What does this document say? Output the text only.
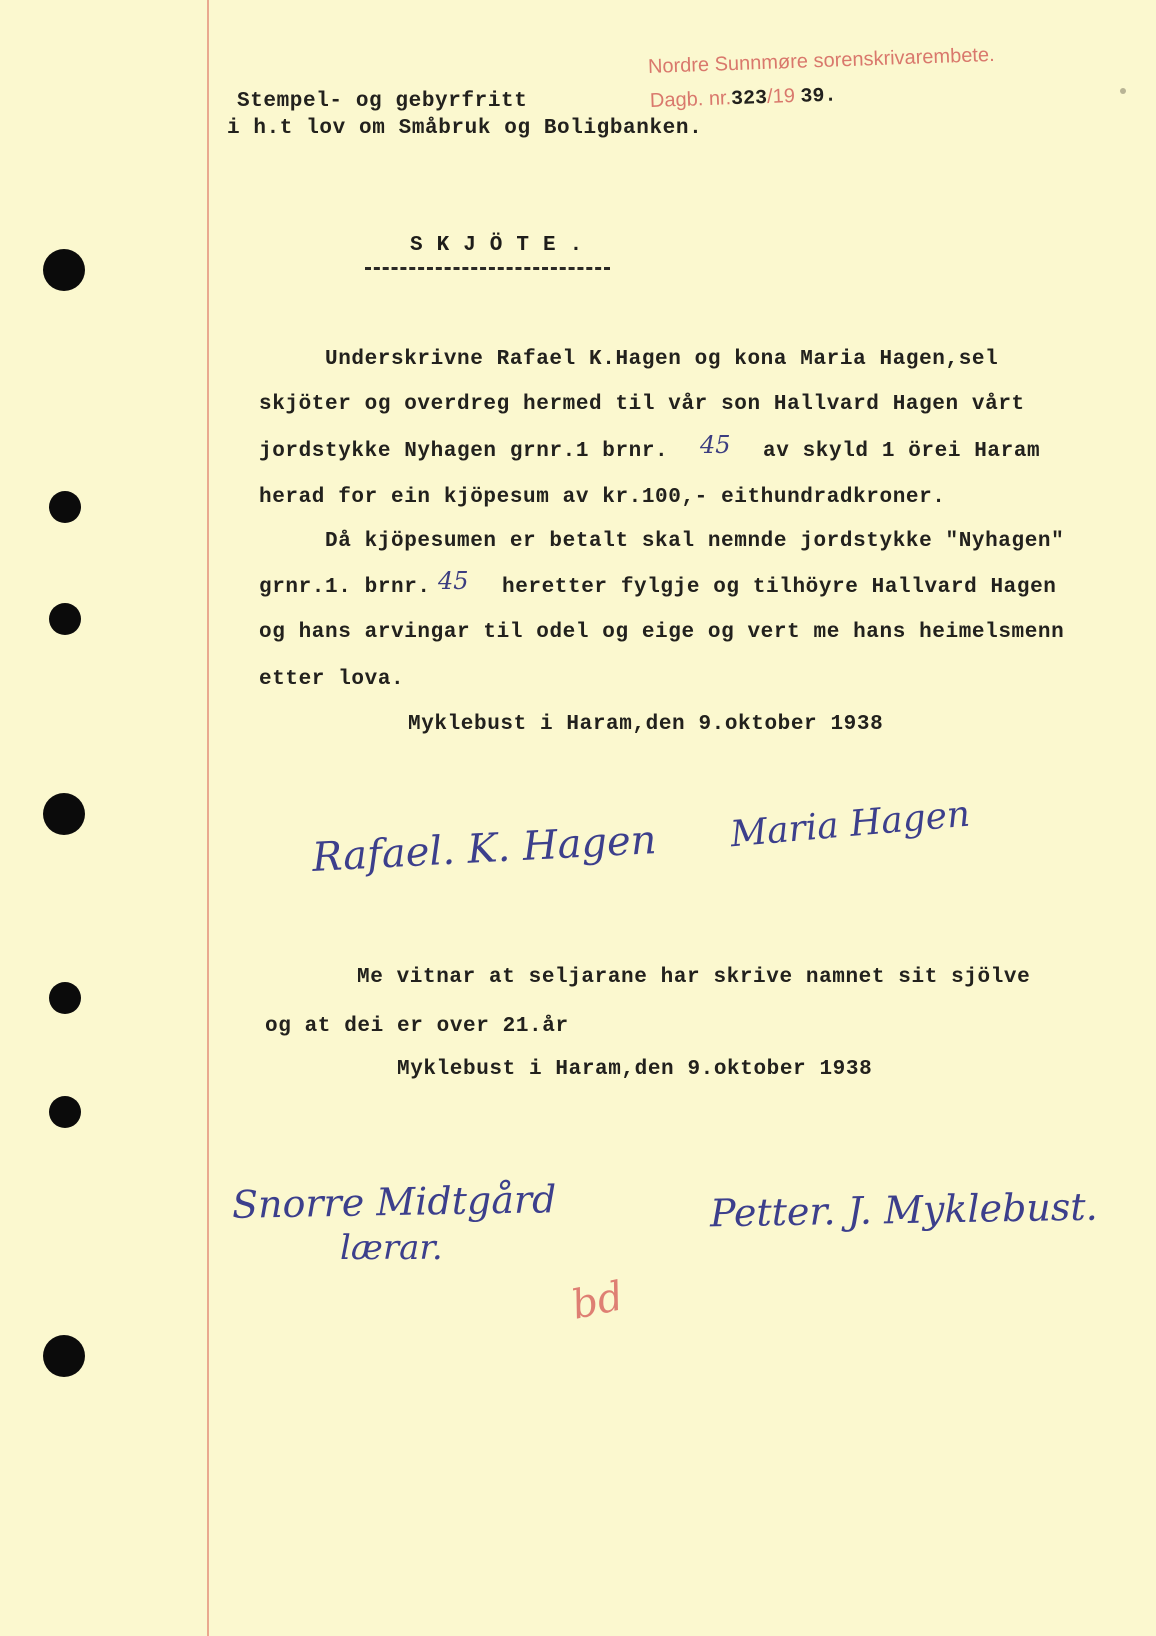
Stempel- og gebyrfritt
i h.t lov om Småbruk og Boligbanken.
Nordre Sunnmøre sorenskrivarembete.
Dagb. nr.323/19 39.
SKJÖTE.
Underskrivne Rafael K.Hagen og kona Maria Hagen,sel
skjöter og overdreg hermed til vår son Hallvard Hagen vårt
jordstykke Nyhagen grnr.1 brnr. 45 av skyld 1 örei Haram
herad for ein kjöpesum av kr.100,- eithundradkroner.
Då kjöpesumen er betalt skal nemnde jordstykke "Nyhagen"
grnr.1. brnr. 45 heretter fylgje og tilhöyre Hallvard Hagen
og hans arvingar til odel og eige og vert me hans heimelsmenn
etter lova.
Myklebust i Haram,den 9.oktober 1938
Rafael. K. Hagen Maria Hagen
Me vitnar at seljarane har skrive namnet sit sjölve
og at dei er over 21.år
Myklebust i Haram,den 9.oktober 1938
Snorre Midtgård
lærar.
Petter. J. Myklebust.
bd
